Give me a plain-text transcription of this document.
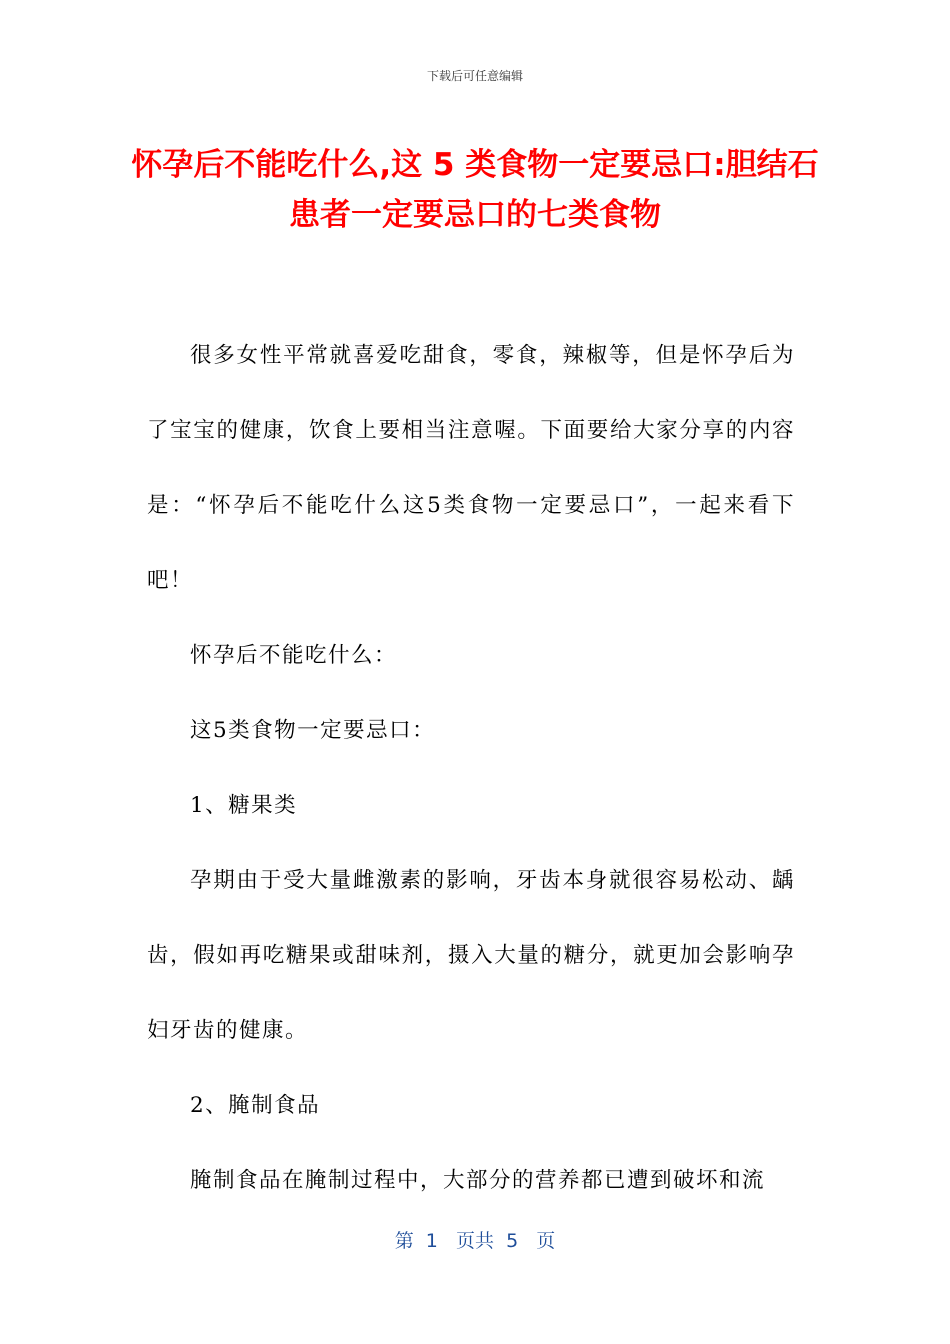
下载后可任意编辑
怀孕后不能吃什么,这 5 类食物一定要忌口:胆结石患者一定要忌口的七类食物

很多女性平常就喜爱吃甜食，零食，辣椒等，但是怀孕后为了宝宝的健康，饮食上要相当注意喔。下面要给大家分享的内容是：“怀孕后不能吃什么这5类食物一定要忌口”，一起来看下吧！

怀孕后不能吃什么：

这5类食物一定要忌口：

1、糖果类

孕期由于受大量雌激素的影响，牙齿本身就很容易松动、龋齿，假如再吃糖果或甜味剂，摄入大量的糖分，就更加会影响孕妇牙齿的健康。

2、腌制食品

腌制食品在腌制过程中，大部分的营养都已遭到破坏和流

第  1   页共  5   页
